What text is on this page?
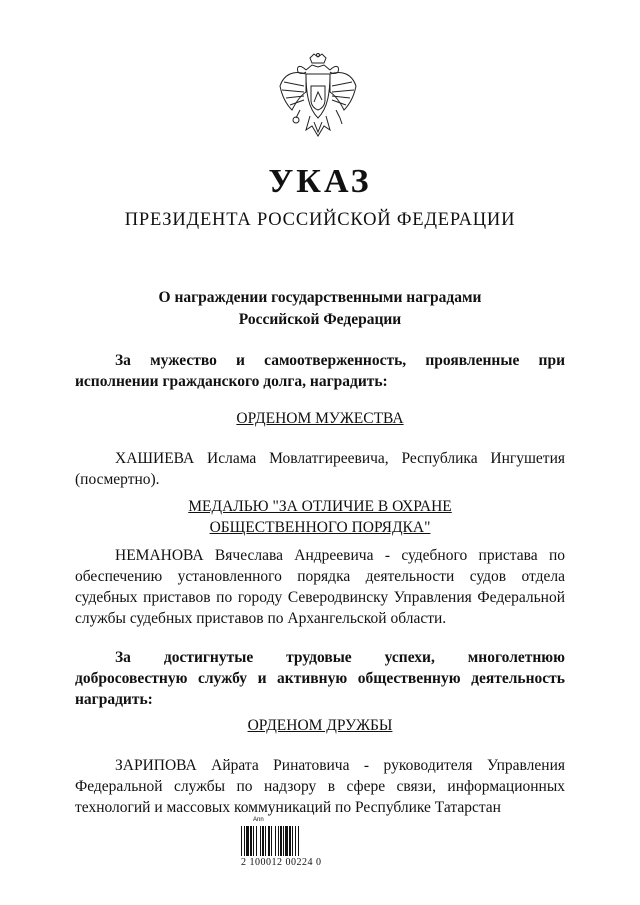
УКАЗ
ПРЕЗИДЕНТА РОССИЙСКОЙ ФЕДЕРАЦИИ
О награждении государственными наградами
Российской Федерации
За мужество и самоотверженность, проявленные при исполнении гражданского долга, наградить:
ОРДЕНОМ МУЖЕСТВА
ХАШИЕВА Ислама Мовлатгиреевича, Республика Ингушетия (посмертно).
МЕДАЛЬЮ "ЗА ОТЛИЧИЕ В ОХРАНЕ
ОБЩЕСТВЕННОГО ПОРЯДКА"
НЕМАНОВА Вячеслава Андреевича - судебного пристава по обеспечению установленного порядка деятельности судов отдела судебных приставов по городу Северодвинску Управления Федеральной службы судебных приставов по Архангельской области.
За достигнутые трудовые успехи, многолетнюю добросовестную службу и активную общественную деятельность наградить:
ОРДЕНОМ ДРУЖБЫ
ЗАРИПОВА Айрата Ринатовича - руководителя Управления Федеральной службы по надзору в сфере связи, информационных технологий и массовых коммуникаций по Республике Татарстан
Ann
2 100012 00224 0
